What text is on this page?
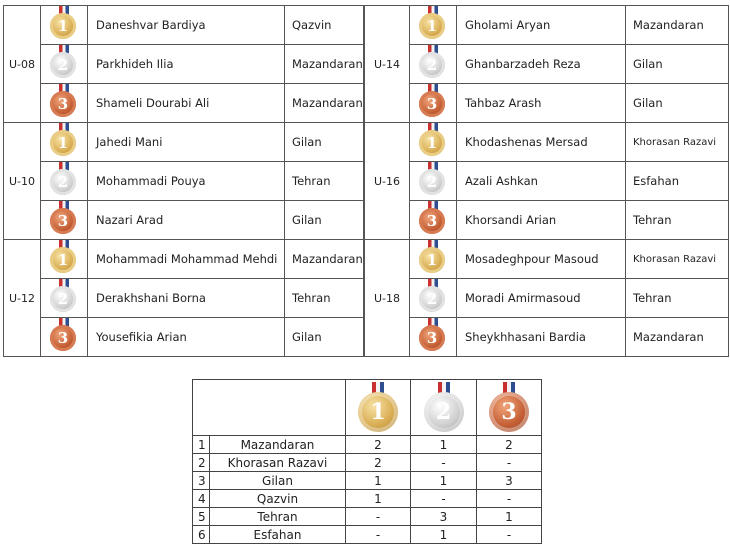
U-08	1	Daneshvar Bardiya	Qazvin		U-14	1	Gholami Aryan	Mazandaran

	2	Parkhideh Ilia	Mazandaran		2	Ghanbarzadeh Reza	Gilan

	3	Shameli Dourabi Ali	Mazandaran		3	Tahbaz Arash	Gilan
U-10	1	Jahedi Mani	Gilan		U-16	1	Khodashenas Mersad	Khorasan Razavi

	2	Mohammadi Pouya	Tehran		2	Azali Ashkan	Esfahan

	3	Nazari Arad	Gilan		3	Khorsandi Arian	Tehran
U-12	1	Mohammadi Mohammad Mehdi	Mazandaran		U-18	1	Mosadeghpour Masoud	Khorasan Razavi

	2	Derakhshani Borna	Tehran		2	Moradi Amirmasoud	Tehran

	3	Yousefikia Arian	Gilan		3	Sheykhhasani Bardia	Mazandaran

		1	2	3

1	Mazandaran	2	1	2
2	Khorasan Razavi	2	-	-
3	Gilan	1	1	3
4	Qazvin	1	-	-
5	Tehran	-	3	1
6	Esfahan	-	1	-
